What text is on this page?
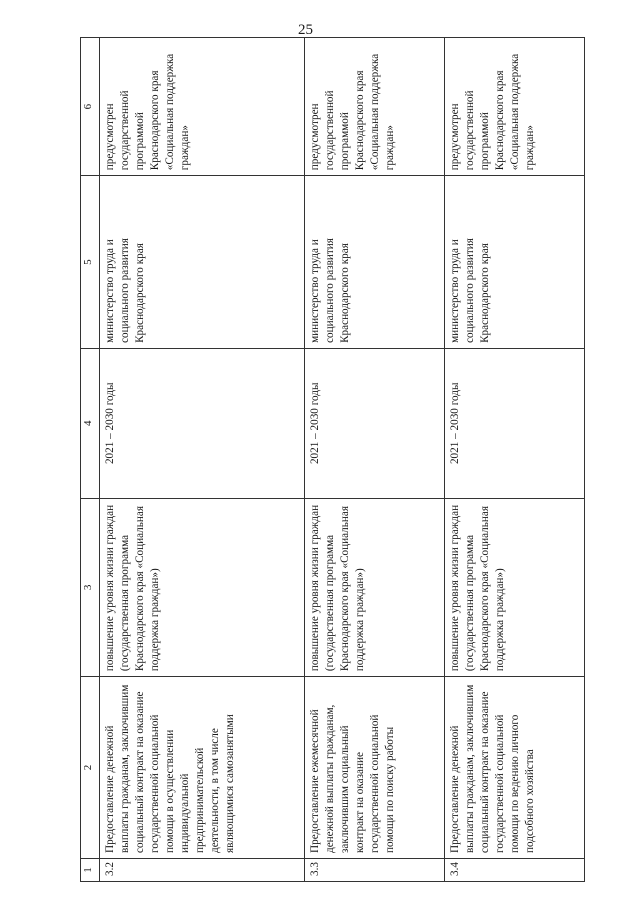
25
1	2	3	4	5	6
3.2	Предоставление денежной выплаты гражданам, заключившим социальный контракт на оказание государственной социальной помощи в осуществлении индивидуальной предпринимательской деятельности, в том числе являющимися самозанятыми	повышение уровня жизни граждан (государственная программа Краснодарского края «Социальная поддержка граждан»)	2021 – 2030 годы	министерство труда и социального развития Краснодарского края	предусмотрен государственной программой Краснодарского края «Социальная поддержка граждан»
3.3	Предоставление ежемесячной денежной выплаты гражданам, заключившим социальный контракт на оказание государственной социальной помощи по поиску работы	повышение уровня жизни граждан (государственная программа Краснодарского края «Социальная поддержка граждан»)	2021 – 2030 годы	министерство труда и социального развития Краснодарского края	предусмотрен государственной программой Краснодарского края «Социальная поддержка граждан»
3.4	Предоставление денежной выплаты гражданам, заключившим социальный контракт на оказание государственной социальной помощи по ведению личного подсобного хозяйства	повышение уровня жизни граждан (государственная программа Краснодарского края «Социальная поддержка граждан»)	2021 – 2030 годы	министерство труда и социального развития Краснодарского края	предусмотрен государственной программой Краснодарского края «Социальная поддержка граждан»
